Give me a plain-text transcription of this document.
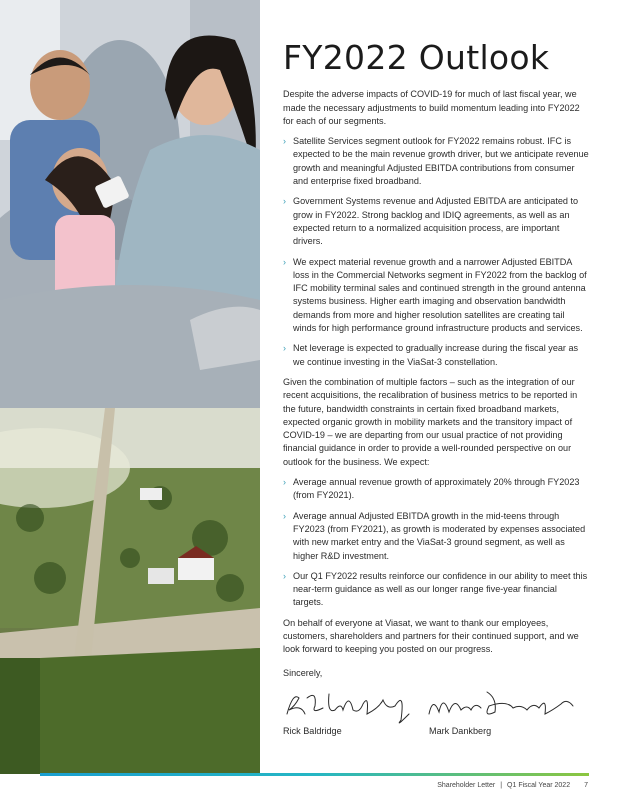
FY2022 Outlook

Despite the adverse impacts of COVID-19 for much of last fiscal year, we made the necessary adjustments to build momentum leading into FY2022 for each of our segments.

› Satellite Services segment outlook for FY2022 remains robust. IFC is expected to be the main revenue growth driver, but we anticipate revenue growth and meaningful Adjusted EBITDA contributions from consumer and enterprise fixed broadband.
› Government Systems revenue and Adjusted EBITDA are anticipated to grow in FY2022. Strong backlog and IDIQ agreements, as well as an expected return to a normalized acquisition process, are important drivers.
› We expect material revenue growth and a narrower Adjusted EBITDA loss in the Commercial Networks segment in FY2022 from the backlog of IFC mobility terminal sales and continued strength in the ground antenna systems business. Higher earth imaging and observation bandwidth demands from more and higher resolution satellites are creating tail winds for high performance ground infrastructure products and services.
› Net leverage is expected to gradually increase during the fiscal year as we continue investing in the ViaSat-3 constellation.

Given the combination of multiple factors – such as the integration of our recent acquisitions, the recalibration of business metrics to be reported in the future, bandwidth constraints in certain fixed broadband markets, expected organic growth in mobility markets and the transitory impact of COVID-19 – we are departing from our usual practice of not providing financial guidance in order to provide a well-rounded perspective on our outlook for the business. We expect:

› Average annual revenue growth of approximately 20% through FY2023 (from FY2021).
› Average annual Adjusted EBITDA growth in the mid-teens through FY2023 (from FY2021), as growth is moderated by expenses associated with new market entry and the ViaSat-3 ground segment, as well as higher R&D investment.
› Our Q1 FY2022 results reinforce our confidence in our ability to meet this near-term guidance as well as our longer range five-year financial targets.

On behalf of everyone at Viasat, we want to thank our employees, customers, shareholders and partners for their continued support, and we look forward to keeping you posted on our progress.

Sincerely,

Rick Baldridge	Mark Dankberg
Shareholder Letter | Q1 Fiscal Year 2022 7
